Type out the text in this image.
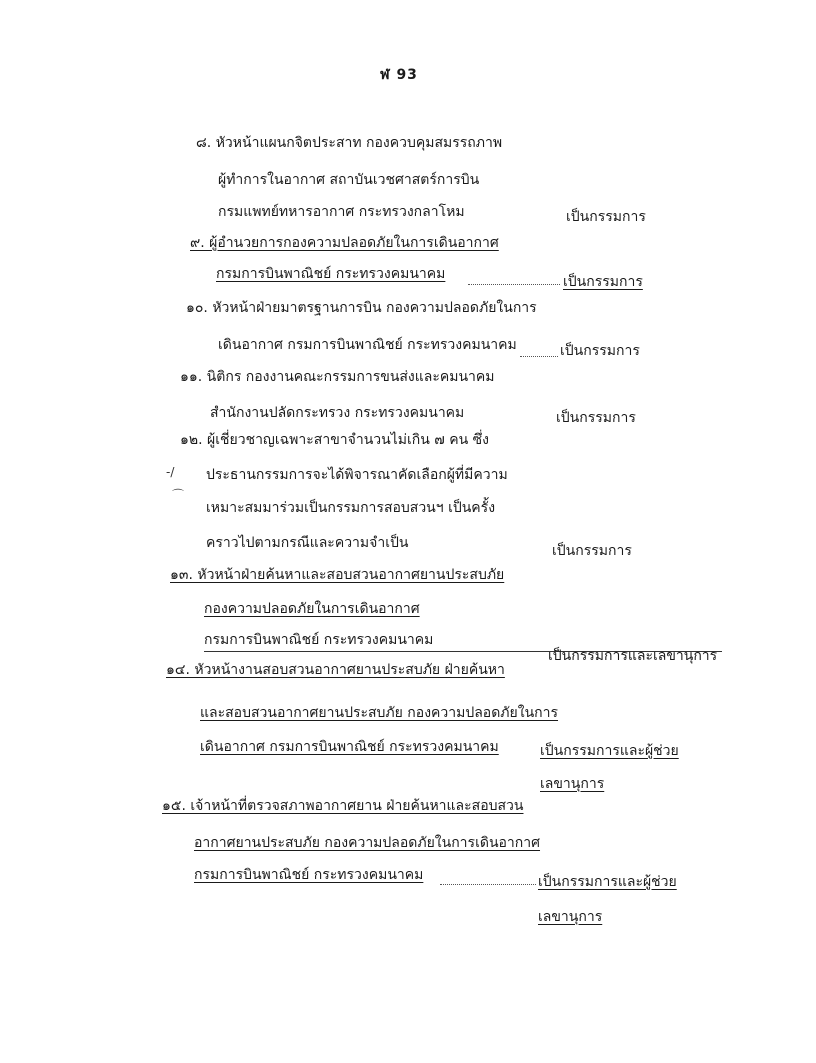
ฬ 93
๘. หัวหน้าแผนกจิตประสาท กองควบคุมสมรรถภาพ
ผู้ทำการในอากาศ สถาบันเวชศาสตร์การบิน
กรมแพทย์ทหารอากาศ กระทรวงกลาโหม	เป็นกรรมการ
๙. ผู้อำนวยการกองความปลอดภัยในการเดินอากาศ
กรมการบินพาณิชย์ กระทรวงคมนาคม	เป็นกรรมการ
๑๐. หัวหน้าฝ่ายมาตรฐานการบิน กองความปลอดภัยในการ
เดินอากาศ กรมการบินพาณิชย์ กระทรวงคมนาคม	เป็นกรรมการ
๑๑. นิติกร กองงานคณะกรรมการขนส่งและคมนาคม
สำนักงานปลัดกระทรวง กระทรวงคมนาคม	เป็นกรรมการ
๑๒. ผู้เชี่ยวชาญเฉพาะสาขาจำนวนไม่เกิน ๗ คน ซึ่ง
‑/ ประธานกรรมการจะได้พิจารณาคัดเลือกผู้ที่มีความ
⌒
เหมาะสมมาร่วมเป็นกรรมการสอบสวนฯ เป็นครั้ง
คราวไปตามกรณีและความจำเป็น	เป็นกรรมการ
๑๓. หัวหน้าฝ่ายค้นหาและสอบสวนอากาศยานประสบภัย
กองความปลอดภัยในการเดินอากาศ
กรมการบินพาณิชย์ กระทรวงคมนาคม
เป็นกรรมการและเลขานุการ
๑๔. หัวหน้างานสอบสวนอากาศยานประสบภัย ฝ่ายค้นหา
และสอบสวนอากาศยานประสบภัย กองความปลอดภัยในการ
เดินอากาศ กรมการบินพาณิชย์ กระทรวงคมนาคม	เป็นกรรมการและผู้ช่วย
เลขานุการ
๑๕. เจ้าหน้าที่ตรวจสภาพอากาศยาน ฝ่ายค้นหาและสอบสวน
อากาศยานประสบภัย กองความปลอดภัยในการเดินอากาศ
กรมการบินพาณิชย์ กระทรวงคมนาคม	เป็นกรรมการและผู้ช่วย
เลขานุการ
